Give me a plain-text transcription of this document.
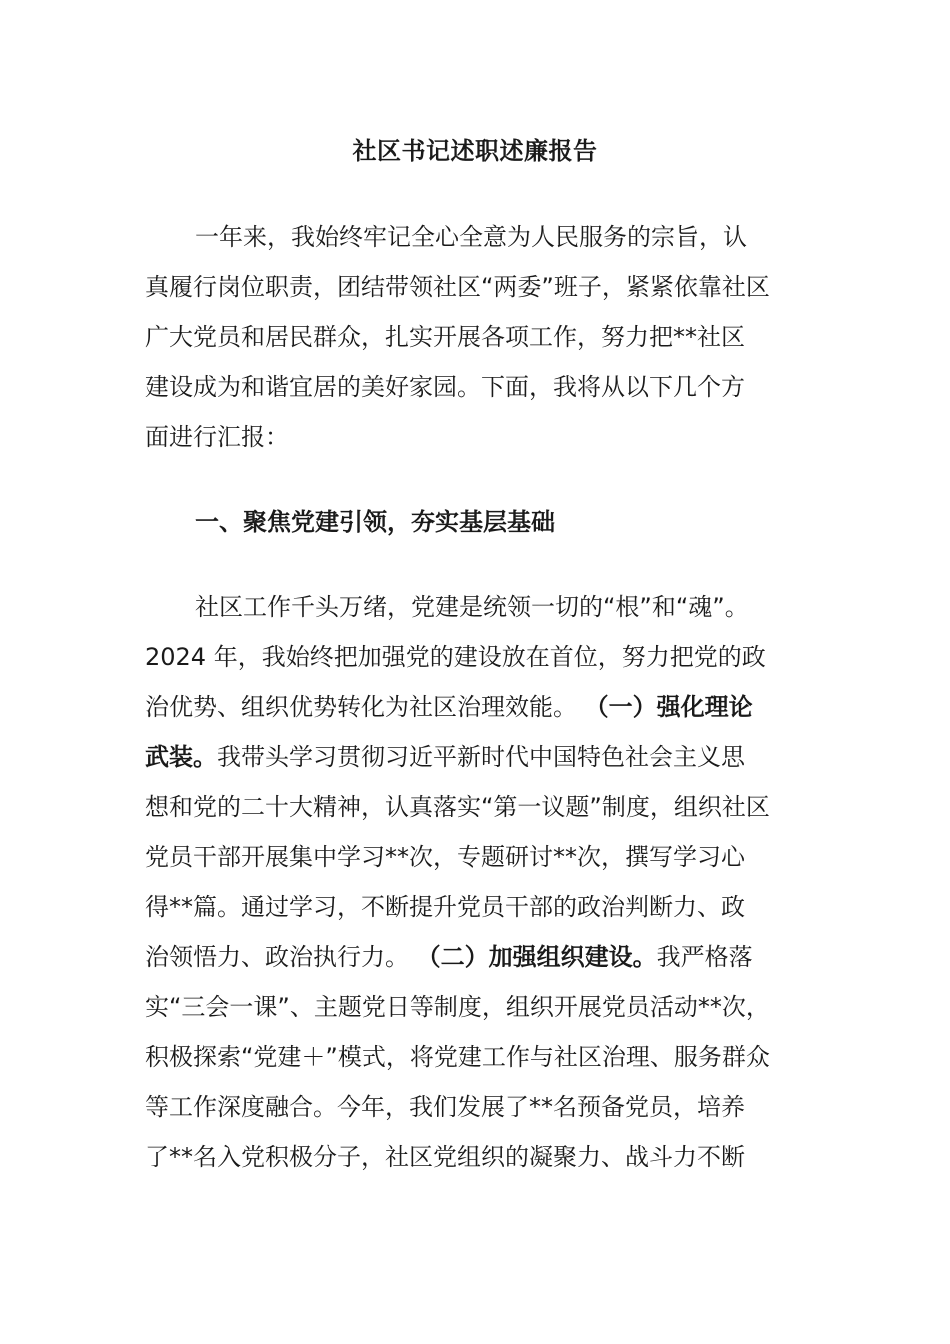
社区书记述职述廉报告
一年来，我始终牢记全心全意为人民服务的宗旨，认
真履行岗位职责，团结带领社区“两委”班子，紧紧依靠社区
广大党员和居民群众，扎实开展各项工作，努力把**社区
建设成为和谐宜居的美好家园。下面，我将从以下几个方
面进行汇报：
一、聚焦党建引领，夯实基层基础
社区工作千头万绪，党建是统领一切的“根”和“魂”。
2024 年，我始终把加强党的建设放在首位，努力把党的政
治优势、组织优势转化为社区治理效能。 （一）强化理论
武装。我带头学习贯彻习近平新时代中国特色社会主义思
想和党的二十大精神，认真落实“第一议题”制度，组织社区
党员干部开展集中学习**次，专题研讨**次，撰写学习心
得**篇。通过学习，不断提升党员干部的政治判断力、政
治领悟力、政治执行力。 （二）加强组织建设。我严格落
实“三会一课”、主题党日等制度，组织开展党员活动**次，
积极探索“党建＋”模式，将党建工作与社区治理、服务群众
等工作深度融合。今年，我们发展了**名预备党员，培养
了**名入党积极分子，社区党组织的凝聚力、战斗力不断
